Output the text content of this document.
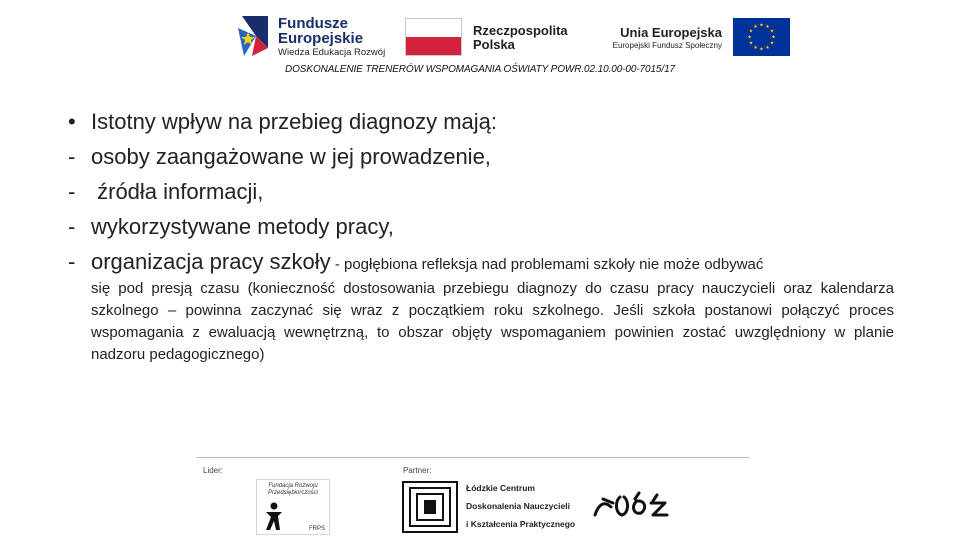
Fundusze
Europejskie
Wiedza Edukacja Rozwój
Rzeczpospolita
Polska
Unia Europejska
Europejski Fundusz Społeczny
★ ★
★
★
★
★
★
★
★
★
★
★
DOSKONALENIE TRENERÓW WSPOMAGANIA OŚWIATY POWR.02.10.00-00-7015/17
• Istotny wpływ na przebieg diagnozy mają:
- osoby zaangażowane w jej prowadzenie,
- źródła informacji,
- wykorzystywane metody pracy,
- organizacja pracy szkoły - pogłębiona refleksja nad problemami szkoły nie może odbywać
się pod presją czasu (konieczność dostosowania przebiegu diagnozy do czasu pracy nauczycieli oraz kalendarza szkolnego – powinna zaczynać się wraz z początkiem roku szkolnego. Jeśli szkoła postanowi połączyć proces wspomagania z ewaluacją wewnętrzną, to obszar objęty wspomaganiem powinien zostać uwzględniony w planie nadzoru pedagogicznego)
Lider:	Partner:
Fundacja Rozwoju Przedsiębiorczości
FRPS
Łódzkie Centrum
Doskonalenia Nauczycieli
i Kształcenia Praktycznego
